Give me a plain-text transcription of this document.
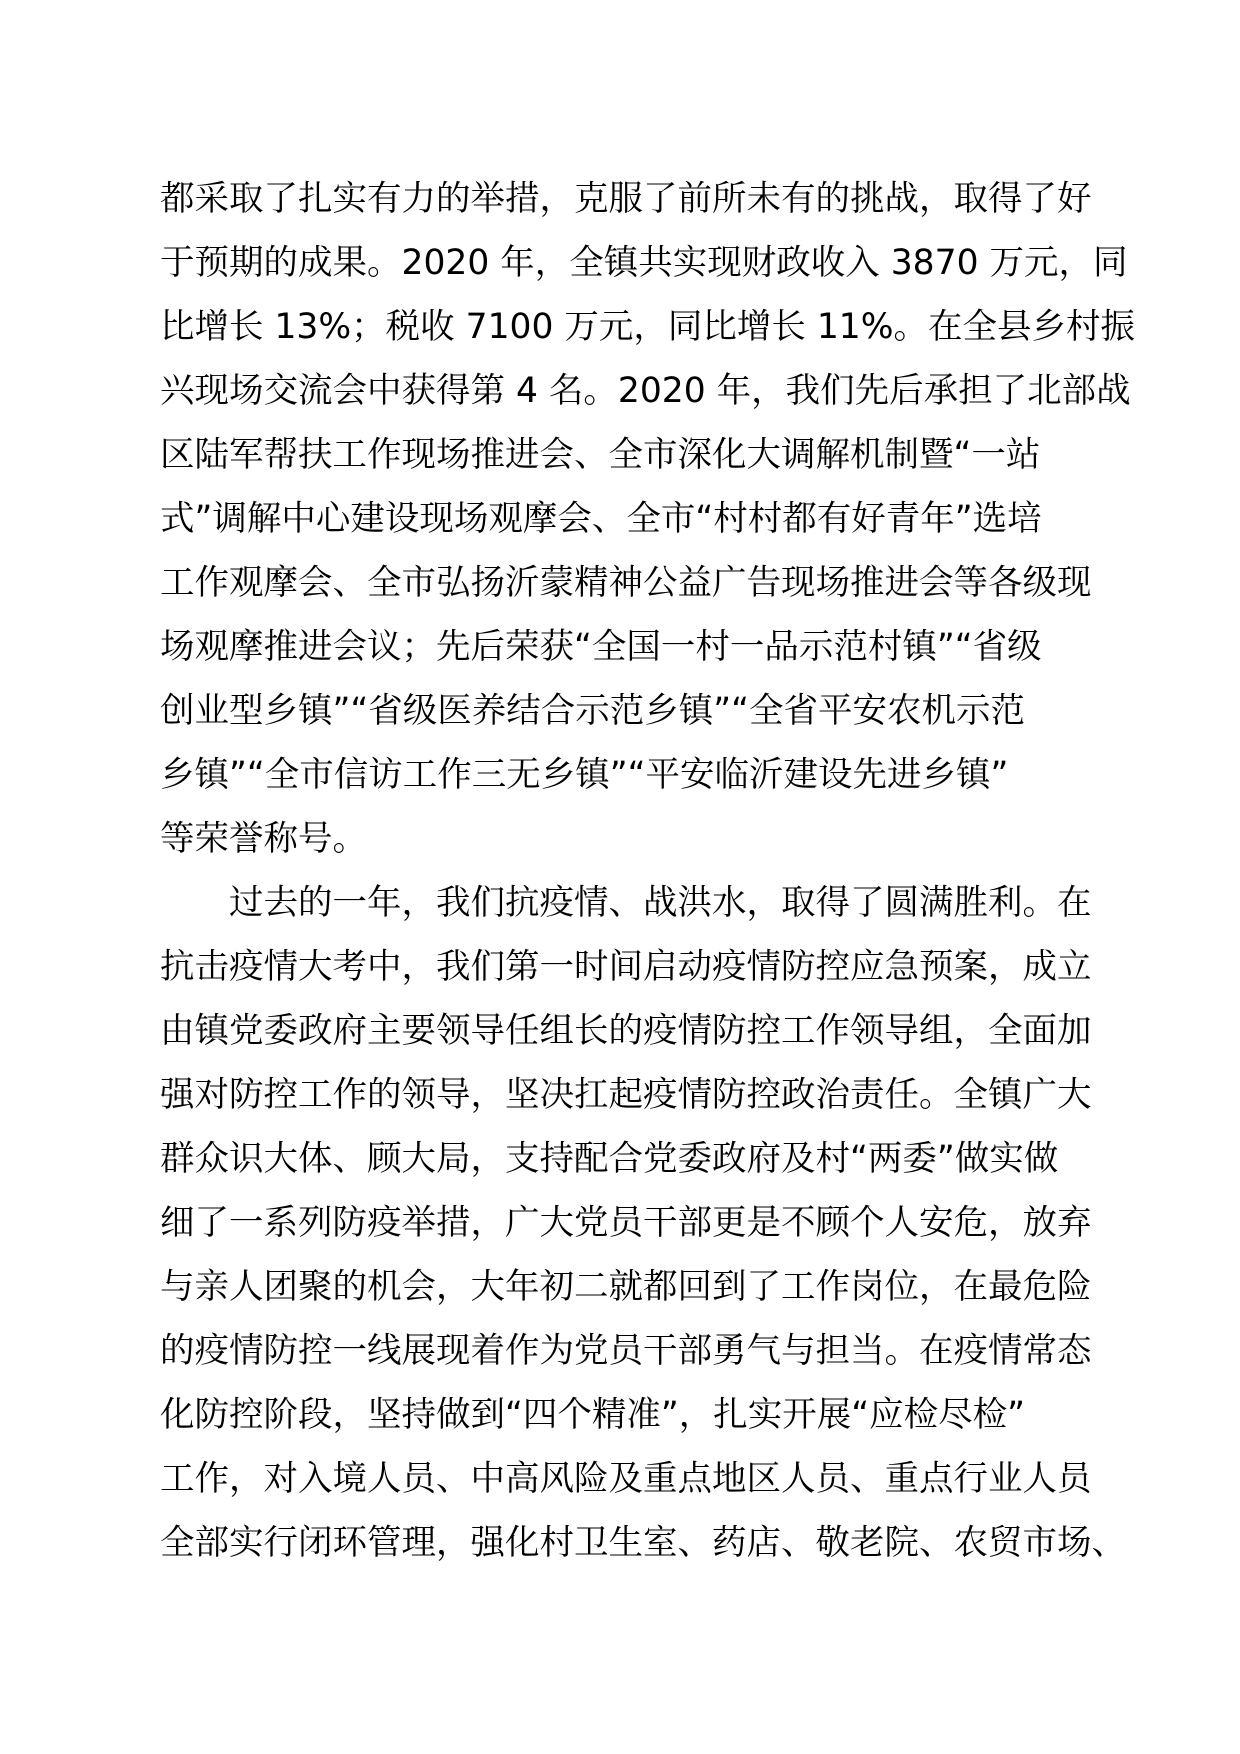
都采取了扎实有力的举措，克服了前所未有的挑战，取得了好
于预期的成果。2020 年，全镇共实现财政收入 3870 万元，同
比增长 13%；税收 7100 万元，同比增长 11%。在全县乡村振
兴现场交流会中获得第 4 名。2020 年，我们先后承担了北部战
区陆军帮扶工作现场推进会、全市深化大调解机制暨“一站
式”调解中心建设现场观摩会、全市“村村都有好青年”选培
工作观摩会、全市弘扬沂蒙精神公益广告现场推进会等各级现
场观摩推进会议；先后荣获“全国一村一品示范村镇”“省级
创业型乡镇”“省级医养结合示范乡镇”“全省平安农机示范
乡镇”“全市信访工作三无乡镇”“平安临沂建设先进乡镇”
等荣誉称号。
　　过去的一年，我们抗疫情、战洪水，取得了圆满胜利。在
抗击疫情大考中，我们第一时间启动疫情防控应急预案，成立
由镇党委政府主要领导任组长的疫情防控工作领导组，全面加
强对防控工作的领导，坚决扛起疫情防控政治责任。全镇广大
群众识大体、顾大局，支持配合党委政府及村“两委”做实做
细了一系列防疫举措，广大党员干部更是不顾个人安危，放弃
与亲人团聚的机会，大年初二就都回到了工作岗位，在最危险
的疫情防控一线展现着作为党员干部勇气与担当。在疫情常态
化防控阶段，坚持做到“四个精准”，扎实开展“应检尽检”
工作，对入境人员、中高风险及重点地区人员、重点行业人员
全部实行闭环管理，强化村卫生室、药店、敬老院、农贸市场、
